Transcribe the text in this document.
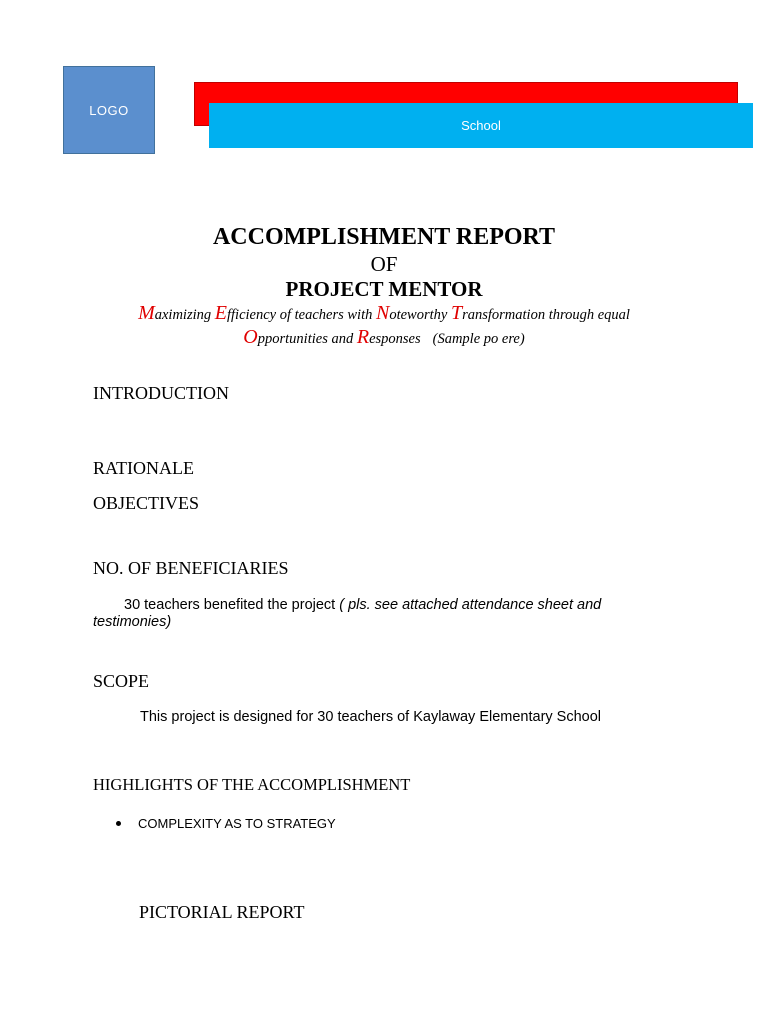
LOGO
School
ACCOMPLISHMENT REPORT
OF
PROJECT MENTOR
Maximizing Efficiency of teachers with Noteworthy Transformation through equal
Opportunities and Responses (Sample po ere)
INTRODUCTION
RATIONALE
OBJECTIVES
NO. OF BENEFICIARIES
30 teachers benefited the project ( pls. see attached attendance sheet and
testimonies)
SCOPE
This project is designed for 30 teachers of Kaylaway Elementary School
HIGHLIGHTS OF THE ACCOMPLISHMENT
COMPLEXITY AS TO STRATEGY
PICTORIAL REPORT
